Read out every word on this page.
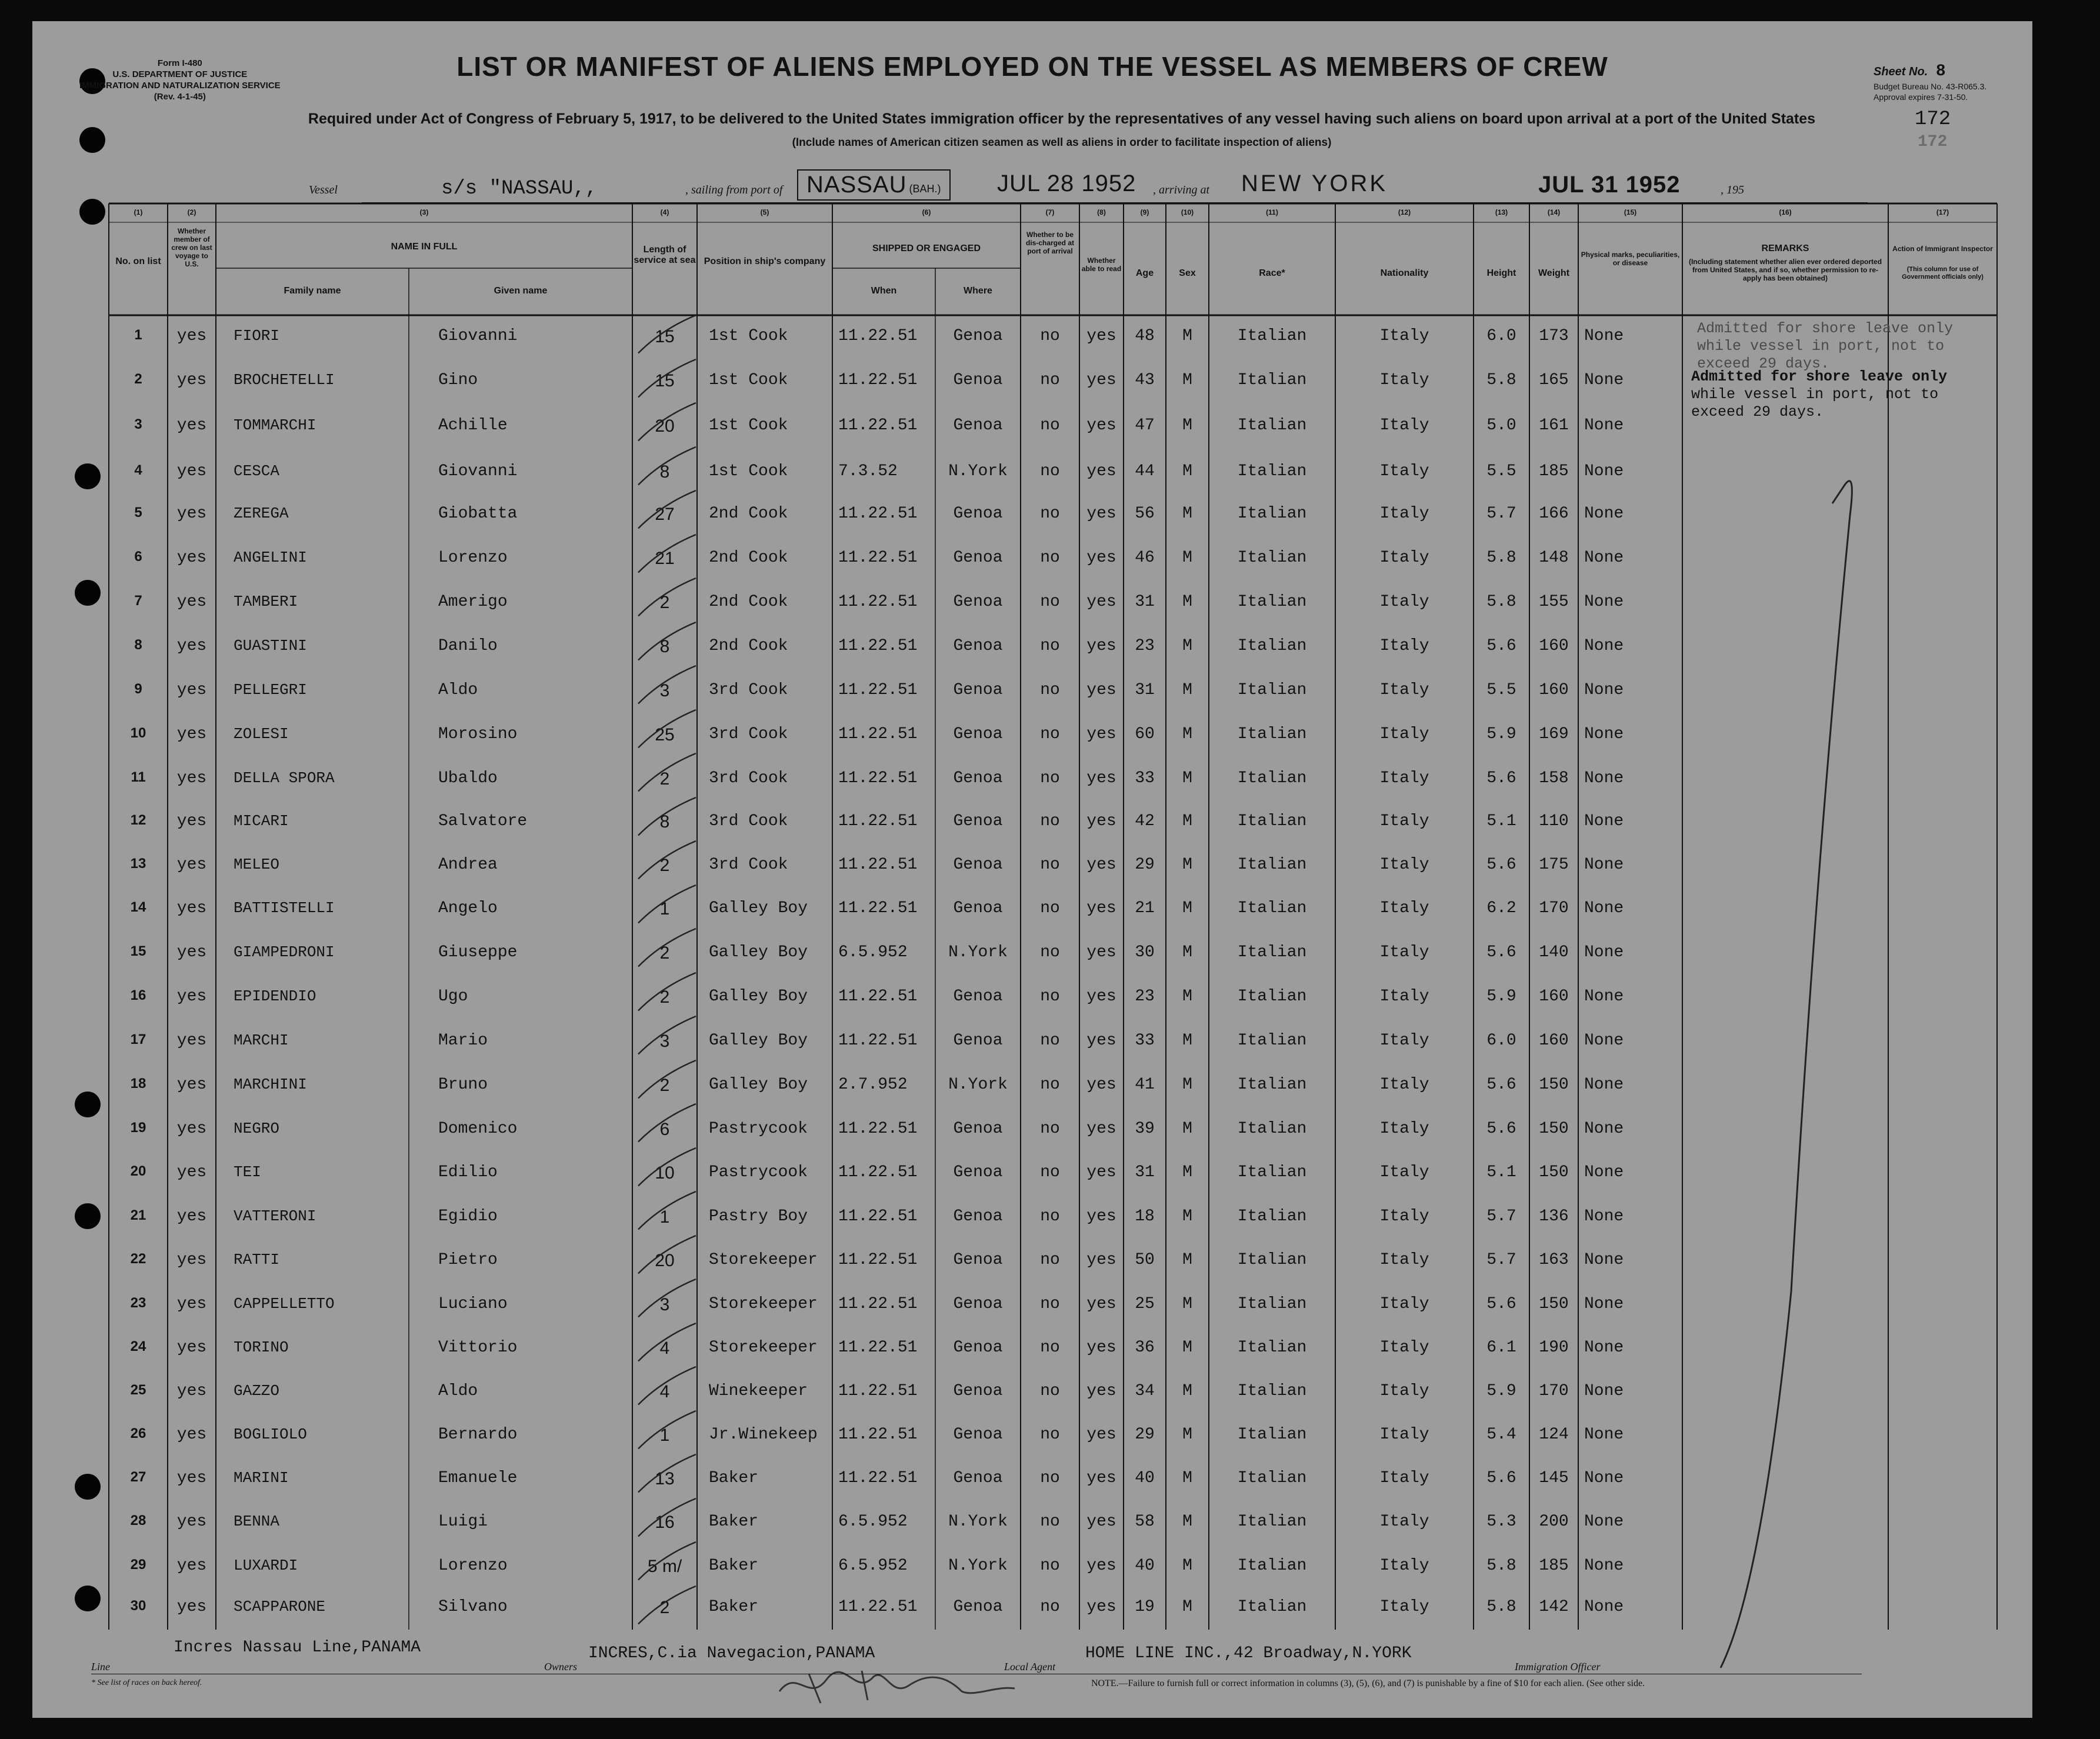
Form I-480
U.S. DEPARTMENT OF JUSTICE
IMMIGRATION AND NATURALIZATION SERVICE
(Rev. 4-1-45)
LIST OR MANIFEST OF ALIENS EMPLOYED ON THE VESSEL AS MEMBERS OF CREW
Required under Act of Congress of February 5, 1917, to be delivered to the United States immigration officer by the representatives of any vessel having such aliens on board upon arrival at a port of the United States
(Include names of American citizen seamen as well as aliens in order to facilitate inspection of aliens)
Sheet No. 8
Budget Bureau No. 43-R065.3.
Approval expires 7-31-50.
172
172
Vessel	s/s "NASSAU,,	, sailing from port of	NASSAU (BAH.)	JUL 28 1952 , arriving at NEW YORK	JUL 31 1952	, 195
(1)	(2)	(3)	(4)	(5)	(6)	(7)	(8)	(9)	(10)	(11)	(12)	(13)	(14)	(15)	(16)	(17)
No. on list
Whether member of crew on last voyage to U.S.
NAME IN FULL
Family name	Given name
Length of service at sea Position in ship's company
SHIPPED OR ENGAGED
When	Where
Whether to be dis-charged at port of arrival
Whether able to read	Age	Sex	Race*	Nationality	Height	Weight
Physical marks, peculiarities, or disease
REMARKS
(Including statement whether alien ever ordered deported from United States, and if so, whether permission to re-apply has been obtained)
Action of Immigrant Inspector
(This column for use of Government officials only)
1	yes	FIORI	Giovanni	15	1st Cook	11.22.51	Genoa	no	yes	48	M	Italian	Italy	6.0	173 None
2	yes	BROCHETELLI	Gino	15	1st Cook	11.22.51	Genoa	no	yes	43	M	Italian	Italy	5.8	165 None
3	yes	TOMMARCHI	Achille	20	1st Cook	11.22.51	Genoa	no	yes	47	M	Italian	Italy	5.0	161 None
4	yes	CESCA	Giovanni	8	1st Cook	7.3.52	N.York	no	yes	44	M	Italian	Italy	5.5	185 None
5	yes	ZEREGA	Giobatta	27	2nd Cook	11.22.51	Genoa	no	yes	56	M	Italian	Italy	5.7	166 None
6	yes	ANGELINI	Lorenzo	21	2nd Cook	11.22.51	Genoa	no	yes	46	M	Italian	Italy	5.8	148 None
7	yes	TAMBERI	Amerigo	2	2nd Cook	11.22.51	Genoa	no	yes	31	M	Italian	Italy	5.8	155 None
8	yes	GUASTINI	Danilo	8	2nd Cook	11.22.51	Genoa	no	yes	23	M	Italian	Italy	5.6	160 None
9	yes	PELLEGRI	Aldo	3	3rd Cook	11.22.51	Genoa	no	yes	31	M	Italian	Italy	5.5	160 None
10	yes	ZOLESI	Morosino	25	3rd Cook	11.22.51	Genoa	no	yes	60	M	Italian	Italy	5.9	169 None
11	yes	DELLA SPORA	Ubaldo	2	3rd Cook	11.22.51	Genoa	no	yes	33	M	Italian	Italy	5.6	158 None
12	yes	MICARI	Salvatore	8	3rd Cook	11.22.51	Genoa	no	yes	42	M	Italian	Italy	5.1	110 None
13	yes	MELEO	Andrea	2	3rd Cook	11.22.51	Genoa	no	yes	29	M	Italian	Italy	5.6	175 None
14	yes	BATTISTELLI	Angelo	1	Galley Boy 11.22.51	Genoa	no	yes	21	M	Italian	Italy	6.2	170 None
15	yes	GIAMPEDRONI	Giuseppe	2	Galley Boy 6.5.952	N.York	no	yes	30	M	Italian	Italy	5.6	140 None
16	yes	EPIDENDIO	Ugo	2	Galley Boy 11.22.51	Genoa	no	yes	23	M	Italian	Italy	5.9	160 None
17	yes	MARCHI	Mario	3	Galley Boy 11.22.51	Genoa	no	yes	33	M	Italian	Italy	6.0	160 None
18	yes	MARCHINI	Bruno	2	Galley Boy 2.7.952	N.York	no	yes	41	M	Italian	Italy	5.6	150 None
19	yes	NEGRO	Domenico	6	Pastrycook 11.22.51	Genoa	no	yes	39	M	Italian	Italy	5.6	150 None
20	yes	TEI	Edilio	10	Pastrycook 11.22.51	Genoa	no	yes	31	M	Italian	Italy	5.1	150 None
21	yes	VATTERONI	Egidio	1	Pastry Boy 11.22.51	Genoa	no	yes	18	M	Italian	Italy	5.7	136 None
22	yes	RATTI	Pietro	20	Storekeeper 11.22.51	Genoa	no	yes	50	M	Italian	Italy	5.7	163 None
23	yes	CAPPELLETTO	Luciano	3	Storekeeper 11.22.51	Genoa	no	yes	25	M	Italian	Italy	5.6	150 None
24	yes	TORINO	Vittorio	4	Storekeeper 11.22.51	Genoa	no	yes	36	M	Italian	Italy	6.1	190 None
25	yes	GAZZO	Aldo	4	Winekeeper 11.22.51	Genoa	no	yes	34	M	Italian	Italy	5.9	170 None
26	yes	BOGLIOLO	Bernardo	1	Jr.Winekeep 11.22.51	Genoa	no	yes	29	M	Italian	Italy	5.4	124 None
27	yes	MARINI	Emanuele	13	Baker	11.22.51	Genoa	no	yes	40	M	Italian	Italy	5.6	145 None
28	yes	BENNA	Luigi	16	Baker	6.5.952	N.York	no	yes	58	M	Italian	Italy	5.3	200 None
29	yes	LUXARDI	Lorenzo	5 m/	Baker	6.5.952	N.York	no	yes	40	M	Italian	Italy	5.8	185 None
30	yes	SCAPPARONE	Silvano	2	Baker	11.22.51	Genoa	no	yes	19	M	Italian	Italy	5.8	142 None
Admitted for shore leave only
while vessel in port, not to
exceed 29 days.
Admitted for shore leave only
while vessel in port, not to
exceed 29 days.
Line
Incres Nassau Line,PANAMA
Owners
INCRES,C.ia Navegacion,PANAMA
Local Agent
HOME LINE INC.,42 Broadway,N.YORK
Immigration Officer
* See list of races on back hereof.	NOTE.—Failure to furnish full or correct information in columns (3), (5), (6), and (7) is punishable by a fine of $10 for each alien. (See other side.
